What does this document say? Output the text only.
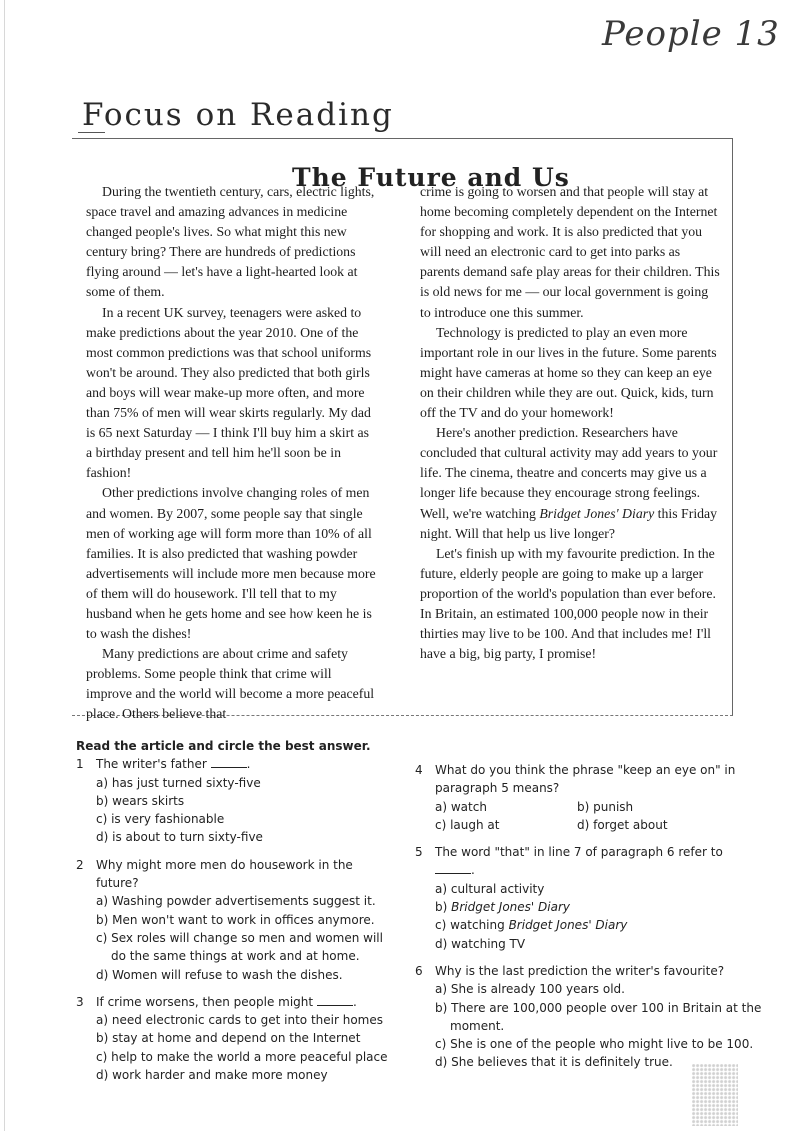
People 13
Focus on Reading
The Future and Us

During the twentieth century, cars, electric lights, space travel and amazing advances in medicine changed people's lives. So what might this new century bring? There are hundreds of predictions flying around — let's have a light-hearted look at some of them.

In a recent UK survey, teenagers were asked to make predictions about the year 2010. One of the most common predictions was that school uniforms won't be around. They also predicted that both girls and boys will wear make-up more often, and more than 75% of men will wear skirts regularly. My dad is 65 next Saturday — I think I'll buy him a skirt as a birthday present and tell him he'll soon be in fashion!

Other predictions involve changing roles of men and women. By 2007, some people say that single men of working age will form more than 10% of all families. It is also predicted that washing powder advertisements will include more men because more of them will do housework. I'll tell that to my husband when he gets home and see how keen he is to wash the dishes!

Many predictions are about crime and safety problems. Some people think that crime will improve and the world will become a more peaceful place. Others believe that

crime is going to worsen and that people will stay at home becoming completely dependent on the Internet for shopping and work. It is also predicted that you will need an electronic card to get into parks as parents demand safe play areas for their children. This is old news for me — our local government is going to introduce one this summer.

Technology is predicted to play an even more important role in our lives in the future. Some parents might have cameras at home so they can keep an eye on their children while they are out. Quick, kids, turn off the TV and do your homework!

Here's another prediction. Researchers have concluded that cultural activity may add years to your life. The cinema, theatre and concerts may give us a longer life because they encourage strong feelings. Well, we're watching Bridget Jones' Diary this Friday night. Will that help us live longer?

Let's finish up with my favourite prediction. In the future, elderly people are going to make up a larger proportion of the world's population than ever before. In Britain, an estimated 100,000 people now in their thirties may live to be 100. And that includes me! I'll have a big, big party, I promise!

Read the article and circle the best answer.

1 The writer's father	.
a) has just turned sixty-five
b) wears skirts
c) is very fashionable
d) is about to turn sixty-five
2 Why might more men do housework in the future?
a) Washing powder advertisements suggest it.
b) Men won't want to work in offices anymore.
c) Sex roles will change so men and women will do the same things at work and at home.
d) Women will refuse to wash the dishes.
3 If crime worsens, then people might	.
a) need electronic cards to get into their homes
b) stay at home and depend on the Internet
c) help to make the world a more peaceful place
d) work harder and make more money
4 What do you think the phrase "keep an eye on" in paragraph 5 means?
a) watch	b) punish
c) laugh at	d) forget about
5 The word "that" in line 7 of paragraph 6 refer to
.
a) cultural activity
b) Bridget Jones' Diary
c) watching Bridget Jones' Diary
d) watching TV
6 Why is the last prediction the writer's favourite?
a) She is already 100 years old.
b) There are 100,000 people over 100 in Britain at the moment.
c) She is one of the people who might live to be 100.
d) She believes that it is definitely true.
